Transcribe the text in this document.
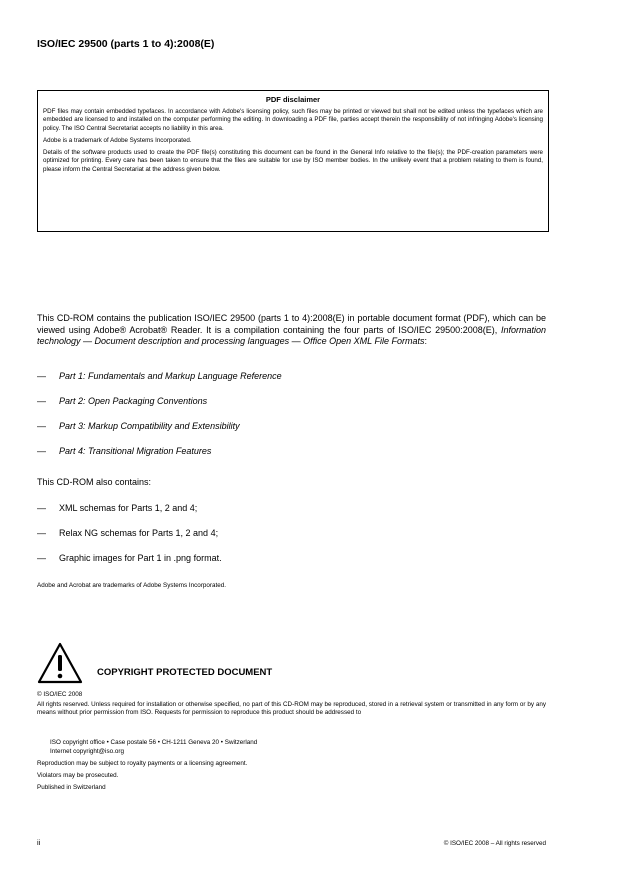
ISO/IEC 29500 (parts 1 to 4):2008(E)
PDF disclaimer

PDF files may contain embedded typefaces. In accordance with Adobe's licensing policy, such files may be printed or viewed but shall not be edited unless the typefaces which are embedded are licensed to and installed on the computer performing the editing. In downloading a PDF file, parties accept therein the responsibility of not infringing Adobe's licensing policy. The ISO Central Secretariat accepts no liability in this area.

Adobe is a trademark of Adobe Systems Incorporated.

Details of the software products used to create the PDF file(s) constituting this document can be found in the General Info relative to the file(s); the PDF-creation parameters were optimized for printing. Every care has been taken to ensure that the files are suitable for use by ISO member bodies. In the unlikely event that a problem relating to them is found, please inform the Central Secretariat at the address given below.

This CD-ROM contains the publication ISO/IEC 29500 (parts 1 to 4):2008(E) in portable document format (PDF), which can be viewed using Adobe® Acrobat® Reader. It is a compilation containing the four parts of ISO/IEC 29500:2008(E), Information technology — Document description and processing languages — Office Open XML File Formats:
— Part 1: Fundamentals and Markup Language Reference
— Part 2: Open Packaging Conventions
— Part 3: Markup Compatibility and Extensibility
— Part 4: Transitional Migration Features
This CD-ROM also contains:
— XML schemas for Parts 1, 2 and 4;
— Relax NG schemas for Parts 1, 2 and 4;
— Graphic images for Part 1 in .png format.
Adobe and Acrobat are trademarks of Adobe Systems Incorporated.
COPYRIGHT PROTECTED DOCUMENT
© ISO/IEC 2008
All rights reserved. Unless required for installation or otherwise specified, no part of this CD-ROM may be reproduced, stored in a retrieval system or transmitted in any form or by any means without prior permission from ISO. Requests for permission to reproduce this product should be addressed to
ISO copyright office • Case postale 56 • CH-1211 Geneva 20 • Switzerland
Internet copyright@iso.org
Reproduction may be subject to royalty payments or a licensing agreement.
Violators may be prosecuted.
Published in Switzerland
ii	© ISO/IEC 2008 – All rights reserved
